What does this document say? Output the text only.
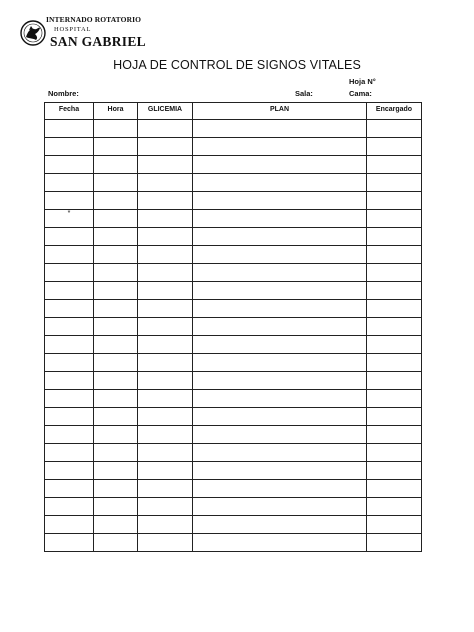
INTERNADO ROTATORIO
HOSPITAL
SAN GABRIEL
HOJA DE CONTROL DE SIGNOS VITALES
Hoja N°
Nombre:	Sala:	Cama:
Fecha	Hora	GLICEMIA	PLAN	Encargado

*				
